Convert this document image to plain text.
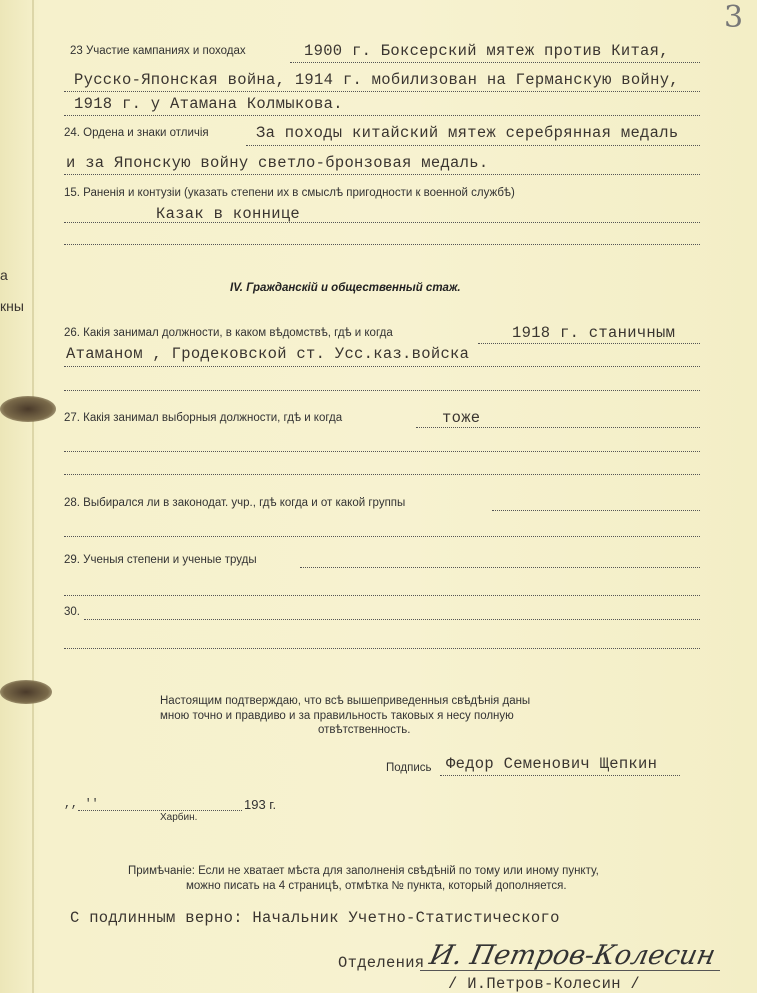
а
кны
3
23 Участие кампаниях и походах	1900 г. Боксерский мятеж против Китая,
Русско-Японская война, 1914 г. мобилизован на Германскую войну,
1918 г. у Атамана Колмыкова.
24. Ордена и знаки отличія	За походы китайский мятеж серебрянная медаль
и за Японскую войну светло-бронзовая медаль.
15. Раненія и контузіи (указать степени их в смыслѣ пригодности к военной службѣ)
Казак в коннице
IV. Гражданскій и общественный стаж.
26. Какія занимал должности, в каком вѣдомствѣ, гдѣ и когда	1918 г. станичным
Атаманом , Гродековской ст. Усс.каз.войска
27. Какія занимал выборныя должности, гдѣ и когда	тоже
28. Выбирался ли в законодат. учр., гдѣ когда и от какой группы
29. Ученыя степени и ученые труды
30.
Настоящим подтверждаю, что всѣ вышеприведенныя свѣдѣнія даны
мною точно и правдиво и за правильность таковых я несу полную
отвѣтственность.
Подпись Федор Семенович Щепкин
,, ''	193 г.
Харбин.
Примѣчаніе: Если не хватает мѣста для заполненія свѣдѣній по тому или иному пункту,
можно писать на 4 страницѣ, отмѣтка № пункта, который дополняется.
С подлинным верно: Начальник Учетно-Статистического
Отделения И. Петров-Колесин
/ И.Петров-Колесин /
